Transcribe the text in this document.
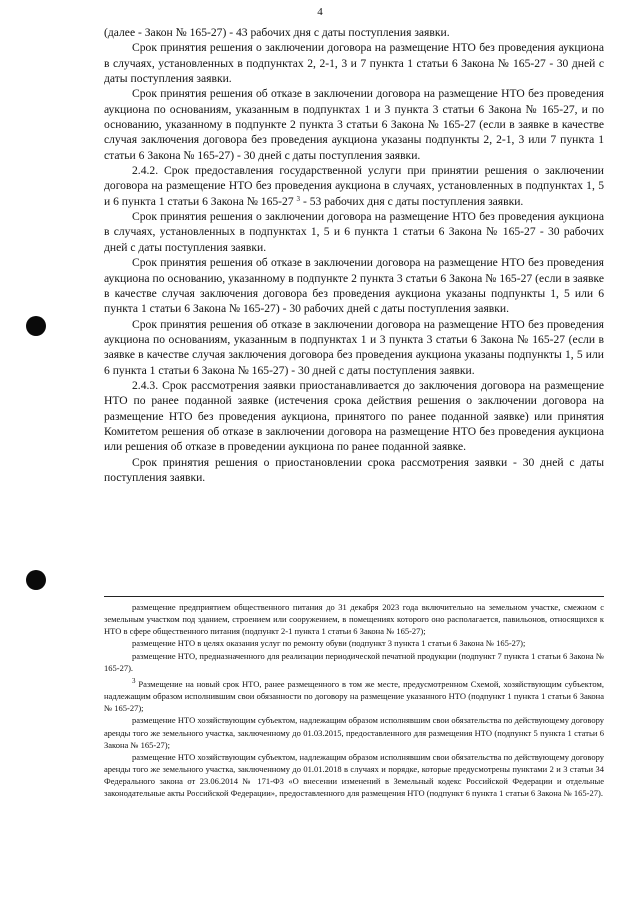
4

(далее - Закон № 165-27) - 43 рабочих дня с даты поступления заявки.

Срок принятия решения о заключении договора на размещение НТО без проведения аукциона в случаях, установленных в подпунктах 2, 2-1, 3 и 7 пункта 1 статьи 6 Закона № 165-27 - 30 дней с даты поступления заявки.

Срок принятия решения об отказе в заключении договора на размещение НТО без проведения аукциона по основаниям, указанным в подпунктах 1 и 3 пункта 3 статьи 6 Закона № 165-27, и по основанию, указанному в подпункте 2 пункта 3 статьи 6 Закона № 165-27 (если в заявке в качестве случая заключения договора без проведения аукциона указаны подпункты 2, 2-1, 3 или 7 пункта 1 статьи 6 Закона № 165-27) - 30 дней с даты поступления заявки.

2.4.2. Срок предоставления государственной услуги при принятии решения о заключении договора на размещение НТО без проведения аукциона в случаях, установленных в подпунктах 1, 5 и 6 пункта 1 статьи 6 Закона № 165-27 $^3$ - 53 рабочих дня с даты поступления заявки.

Срок принятия решения о заключении договора на размещение НТО без проведения аукциона в случаях, установленных в подпунктах 1, 5 и 6 пункта 1 статьи 6 Закона № 165-27 - 30 рабочих дней с даты поступления заявки.

Срок принятия решения об отказе в заключении договора на размещение НТО без проведения аукциона по основанию, указанному в подпункте 2 пункта 3 статьи 6 Закона № 165-27 (если в заявке в качестве случая заключения договора без проведения аукциона указаны подпункты 1, 5 или 6 пункта 1 статьи 6 Закона № 165-27) - 30 рабочих дней с даты поступления заявки.

Срок принятия решения об отказе в заключении договора на размещение НТО без проведения аукциона по основаниям, указанным в подпунктах 1 и 3 пункта 3 статьи 6 Закона № 165-27 (если в заявке в качестве случая заключения договора без проведения аукциона указаны подпункты 1, 5 или 6 пункта 1 статьи 6 Закона № 165-27) - 30 дней с даты поступления заявки.

2.4.3. Срок рассмотрения заявки приостанавливается до заключения договора на размещение НТО по ранее поданной заявке (истечения срока действия решения о заключении договора на размещение НТО без проведения аукциона, принятого по ранее поданной заявке) или принятия Комитетом решения об отказе в заключении договора на размещение НТО без проведения аукциона или решения об отказе в проведении аукциона по ранее поданной заявке.

Срок принятия решения о приостановлении срока рассмотрения заявки - 30 дней с даты поступления заявки.

размещение предприятием общественного питания до 31 декабря 2023 года включительно на земельном участке, смежном с земельным участком под зданием, строением или сооружением, в помещениях которого оно располагается, павильонов, относящихся к НТО в сфере общественного питания (подпункт 2-1 пункта 1 статьи 6 Закона № 165-27);

размещение НТО в целях оказания услуг по ремонту обуви (подпункт 3 пункта 1 статьи 6 Закона № 165-27);

размещение НТО, предназначенного для реализации периодической печатной продукции (подпункт 7 пункта 1 статьи 6 Закона № 165-27).

$^3$ Размещение на новый срок НТО, ранее размещенного в том же месте, предусмотренном Схемой, хозяйствующим субъектом, надлежащим образом исполнившим свои обязанности по договору на размещение указанного НТО (подпункт 1 пункта 1 статьи 6 Закона № 165-27);

размещение НТО хозяйствующим субъектом, надлежащим образом исполнявшим свои обязательства по действующему договору аренды того же земельного участка, заключенному до 01.03.2015, предоставленного для размещения НТО (подпункт 5 пункта 1 статьи 6 Закона № 165-27);

размещение НТО хозяйствующим субъектом, надлежащим образом исполнявшим свои обязательства по действующему договору аренды того же земельного участка, заключенному до 01.01.2018 в случаях и порядке, которые предусмотрены пунктами 2 и 3 статьи 34 Федерального закона от 23.06.2014 № 171-ФЗ «О внесении изменений в Земельный кодекс Российской Федерации и отдельные законодательные акты Российской Федерации», предоставленного для размещения НТО (подпункт 6 пункта 1 статьи 6 Закона № 165-27).
